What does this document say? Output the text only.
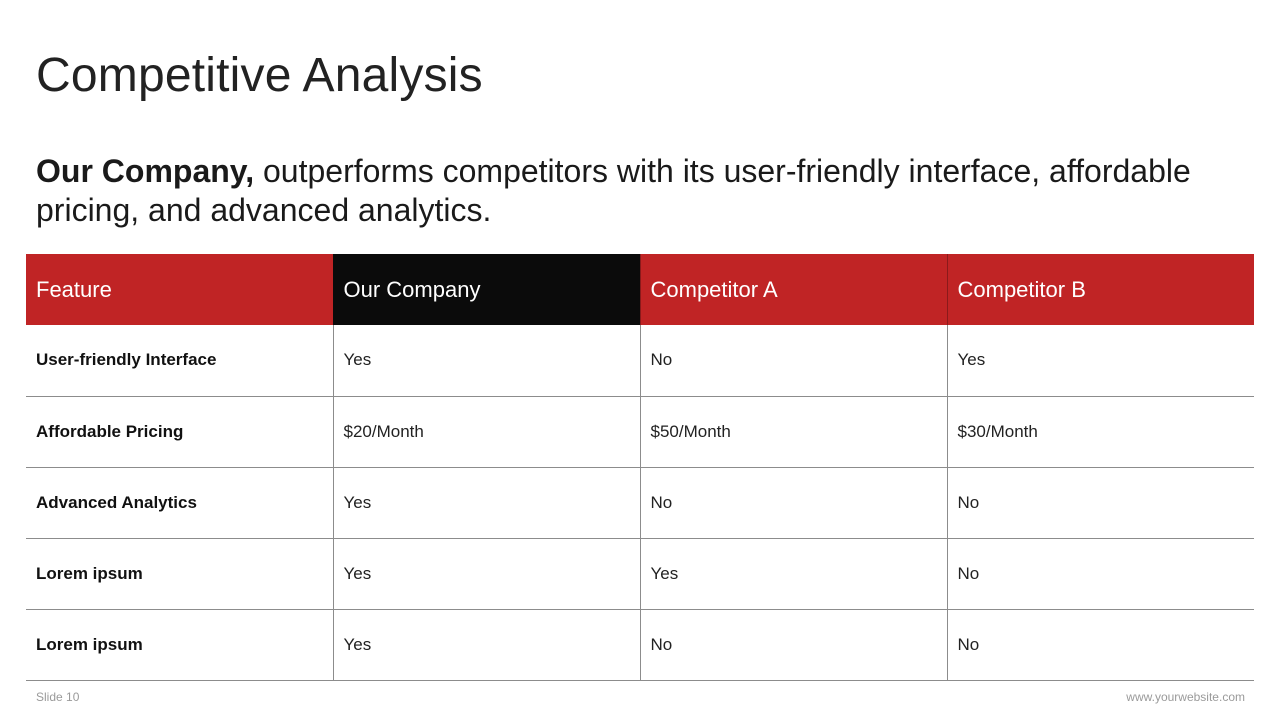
Competitive Analysis
Our Company, outperforms competitors with its user-friendly interface, affordable pricing, and advanced analytics.
Feature	Our Company	Competitor A	Competitor B
User-friendly Interface	Yes	No	Yes
Affordable Pricing	$20/Month	$50/Month	$30/Month
Advanced Analytics	Yes	No	No
Lorem ipsum	Yes	Yes	No
Lorem ipsum	Yes	No	No
Slide 10	www.yourwebsite.com
